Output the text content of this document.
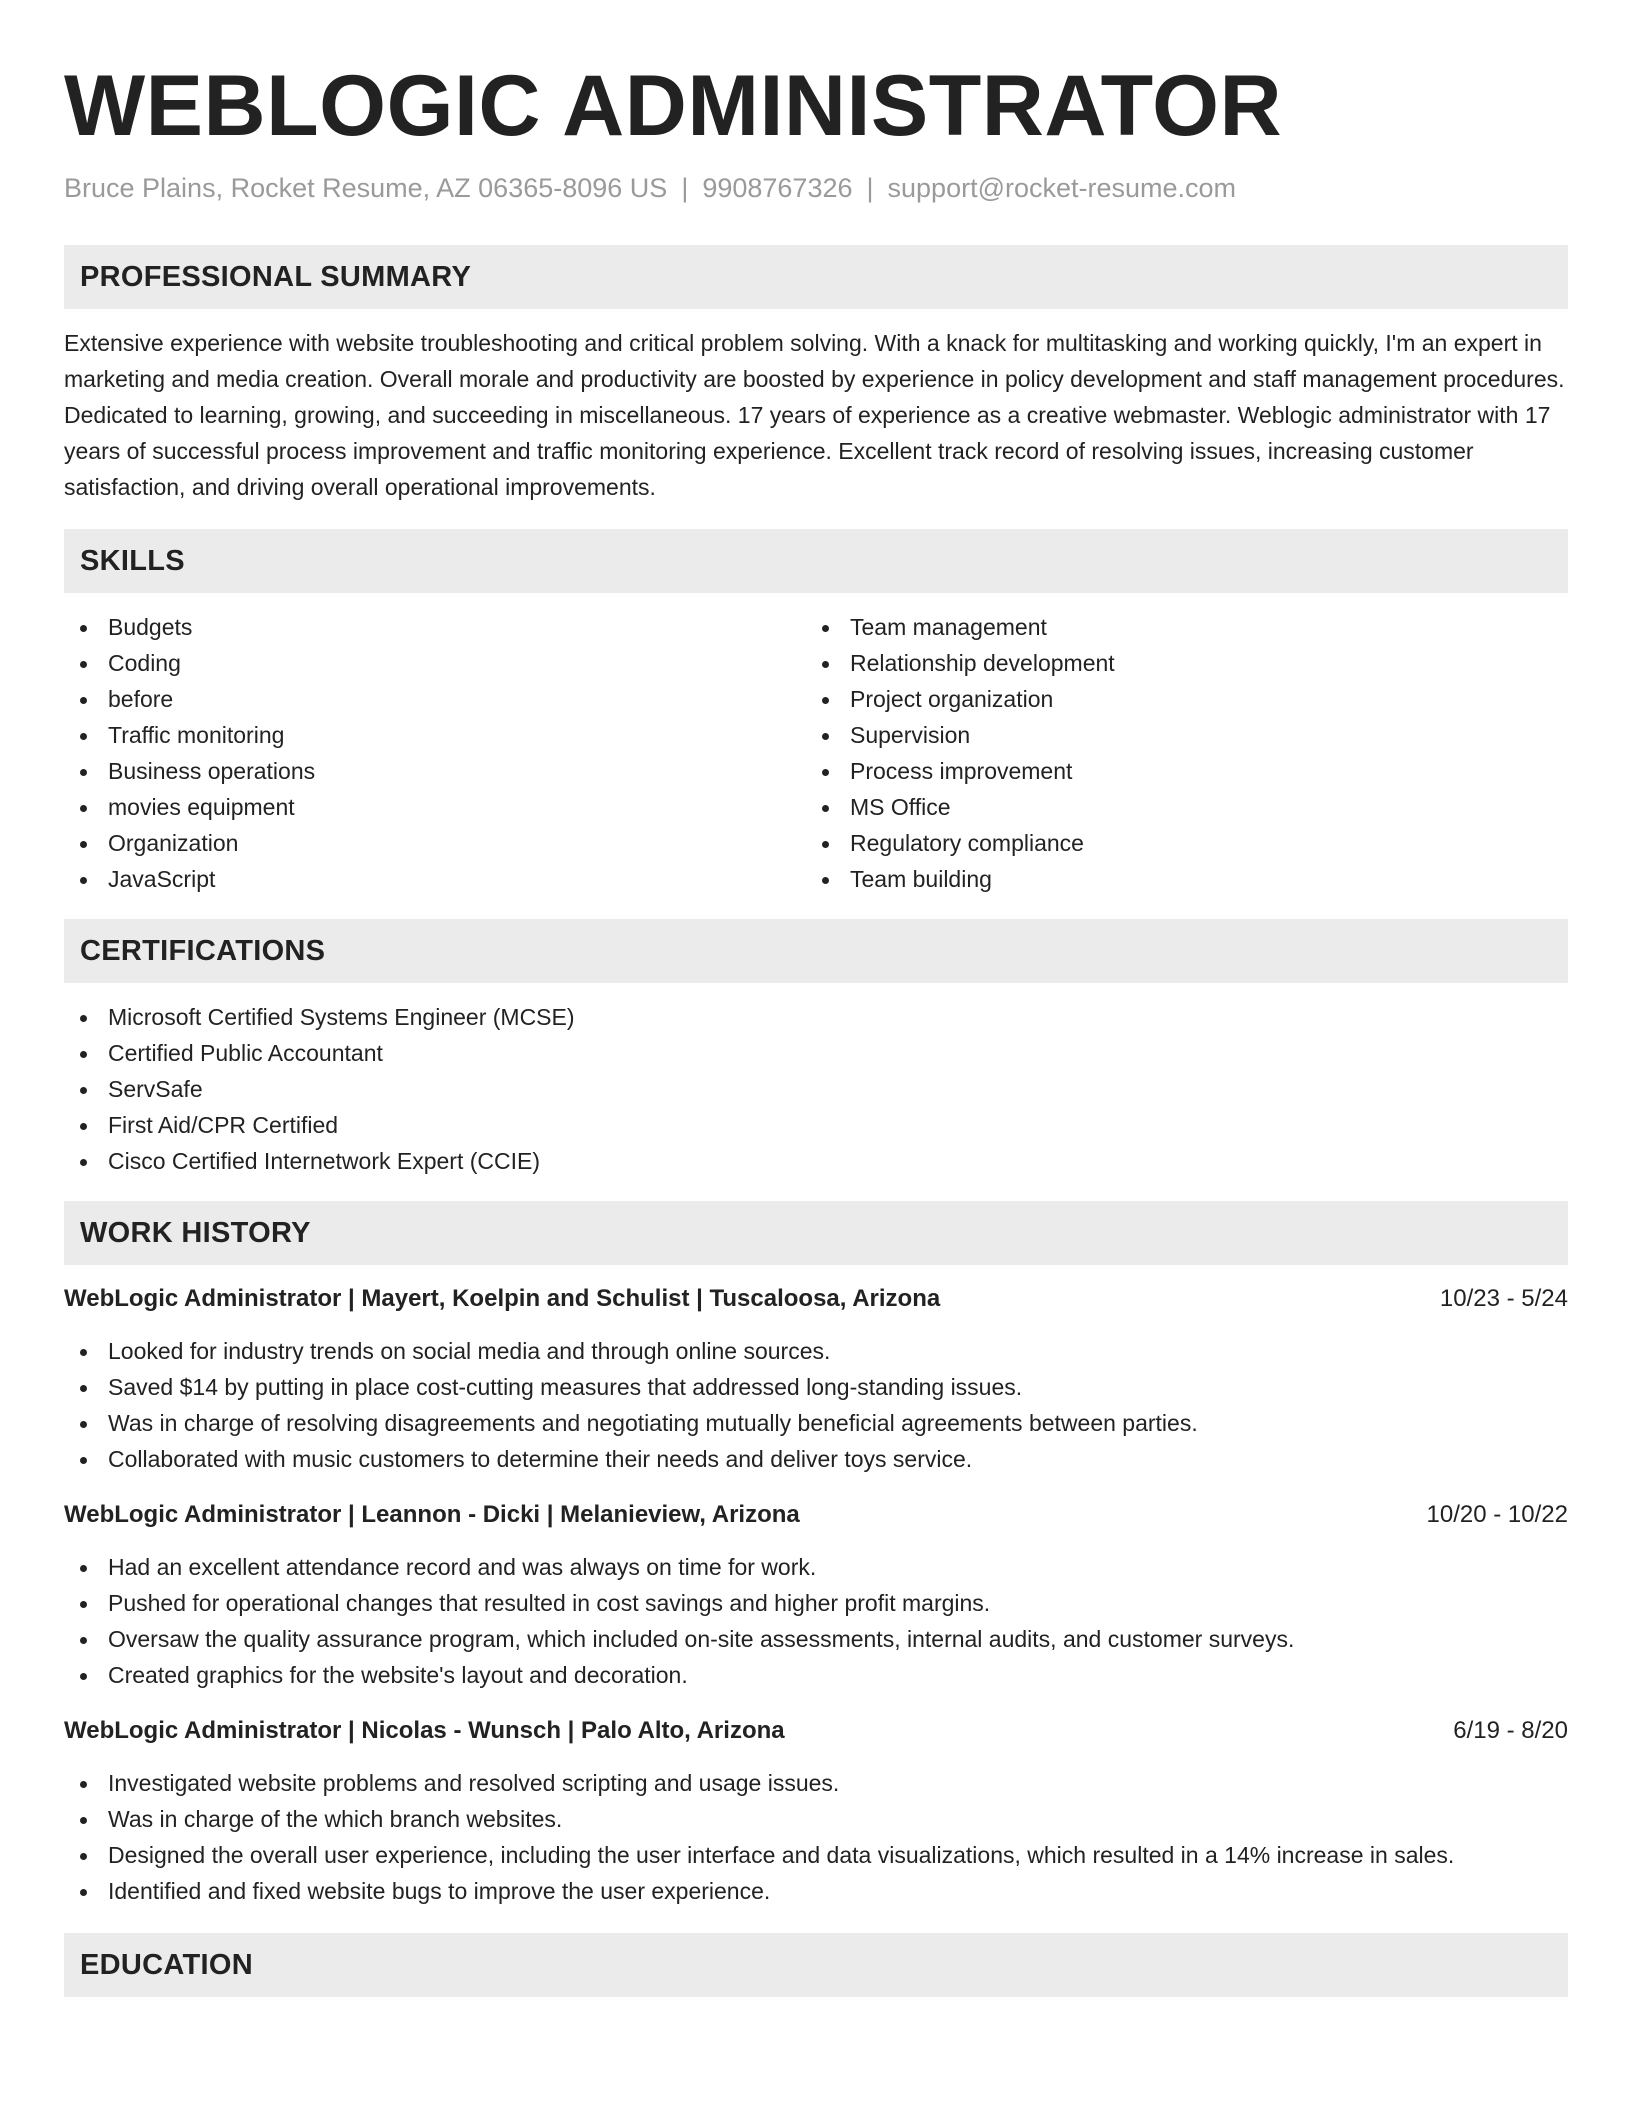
WEBLOGIC ADMINISTRATOR
Bruce Plains, Rocket Resume, AZ 06365-8096 US | 9908767326 | support@rocket-resume.com
PROFESSIONAL SUMMARY
Extensive experience with website troubleshooting and critical problem solving. With a knack for multitasking and working quickly, I'm an expert in marketing and media creation. Overall morale and productivity are boosted by experience in policy development and staff management procedures. Dedicated to learning, growing, and succeeding in miscellaneous. 17 years of experience as a creative webmaster. Weblogic administrator with 17 years of successful process improvement and traffic monitoring experience. Excellent track record of resolving issues, increasing customer satisfaction, and driving overall operational improvements.
SKILLS
Budgets
Coding
before
Traffic monitoring
Business operations
movies equipment
Organization
JavaScript
Team management
Relationship development
Project organization
Supervision
Process improvement
MS Office
Regulatory compliance
Team building
CERTIFICATIONS
Microsoft Certified Systems Engineer (MCSE)
Certified Public Accountant
ServSafe
First Aid/CPR Certified
Cisco Certified Internetwork Expert (CCIE)
WORK HISTORY
WebLogic Administrator | Mayert, Koelpin and Schulist | Tuscaloosa, Arizona	10/23 - 5/24
Looked for industry trends on social media and through online sources.
Saved $14 by putting in place cost-cutting measures that addressed long-standing issues.
Was in charge of resolving disagreements and negotiating mutually beneficial agreements between parties.
Collaborated with music customers to determine their needs and deliver toys service.
WebLogic Administrator | Leannon - Dicki | Melanieview, Arizona	10/20 - 10/22
Had an excellent attendance record and was always on time for work.
Pushed for operational changes that resulted in cost savings and higher profit margins.
Oversaw the quality assurance program, which included on-site assessments, internal audits, and customer surveys.
Created graphics for the website's layout and decoration.
WebLogic Administrator | Nicolas - Wunsch | Palo Alto, Arizona	6/19 - 8/20
Investigated website problems and resolved scripting and usage issues.
Was in charge of the which branch websites.
Designed the overall user experience, including the user interface and data visualizations, which resulted in a 14% increase in sales.
Identified and fixed website bugs to improve the user experience.
EDUCATION
